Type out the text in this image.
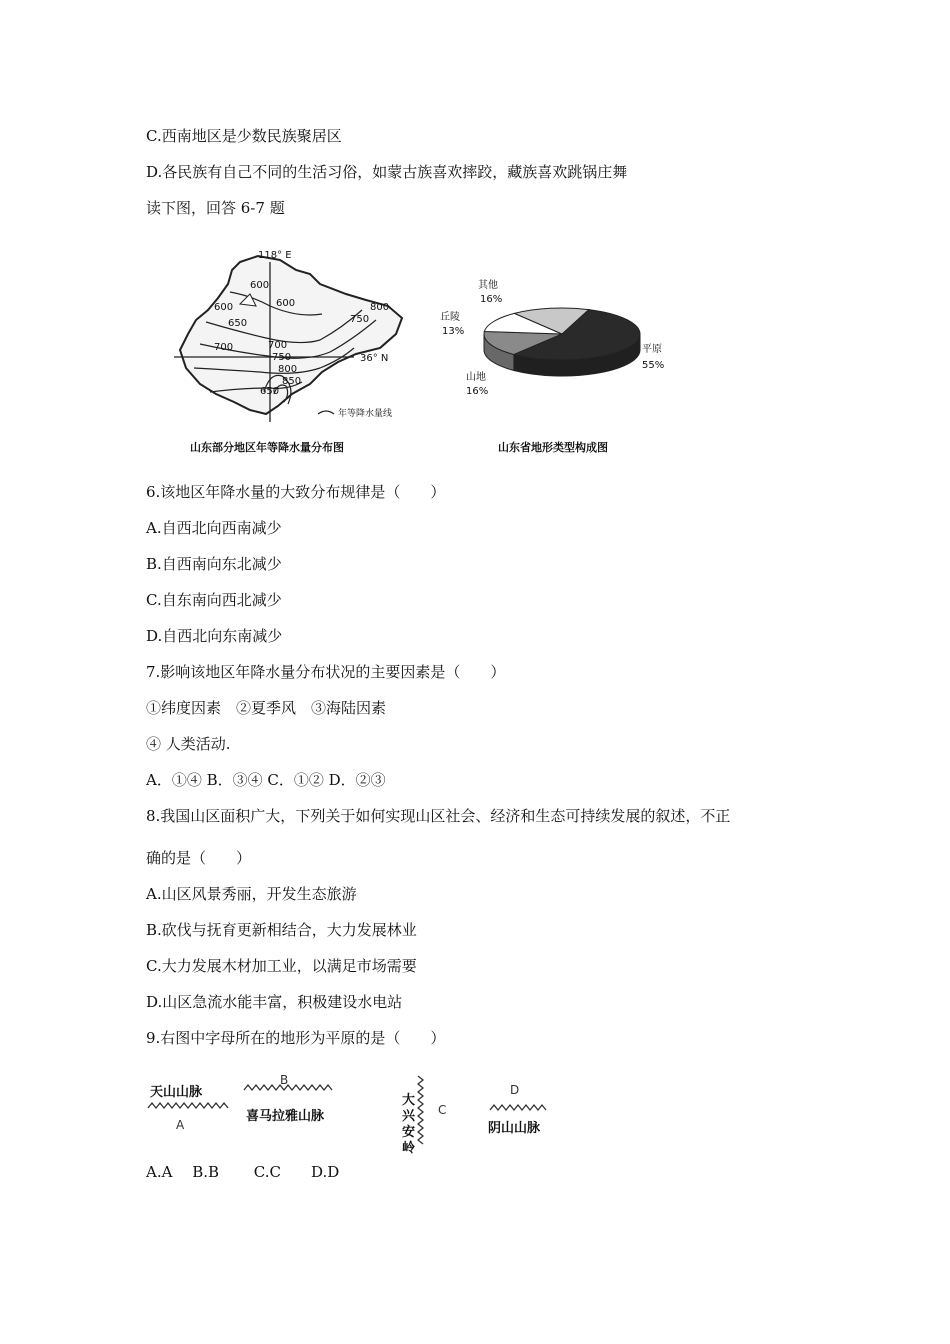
C.西南地区是少数民族聚居区
D.各民族有自己不同的生活习俗，如蒙古族喜欢摔跤，藏族喜欢跳锅庄舞
读下图，回答 6-7 题
6.该地区年降水量的大致分布规律是（　　）
A.自西北向西南减少
B.自西南向东北减少
C.自东南向西北减少
D.自西北向东南减少
7.影响该地区年降水量分布状况的主要因素是（　　）
①纬度因素　②夏季风　③海陆因素
④ 人类活动.
A．①④ B．③④ C．①② D．②③
8.我国山区面积广大，下列关于如何实现山区社会、经济和生态可持续发展的叙述，不正
确的是（　　）
A.山区风景秀丽，开发生态旅游
B.砍伐与抚育更新相结合，大力发展林业
C.大力发展木材加工业，以满足市场需要
D.山区急流水能丰富，积极建设水电站
9.右图中字母所在的地形为平原的是（　　）
A.A　 B.B　　 C.C　　D.D
118° E
36° N
600
600	600
650
700
750
800
700
750
800
850
650
年等降水量线
山东部分地区年等降水量分布图
其他
16%
丘陵
13%
山地
16%
平原
55%
山东省地形类型构成图
天山山脉
A
B
喜马拉雅山脉
大
兴
安
岭
C
D
阴山山脉
